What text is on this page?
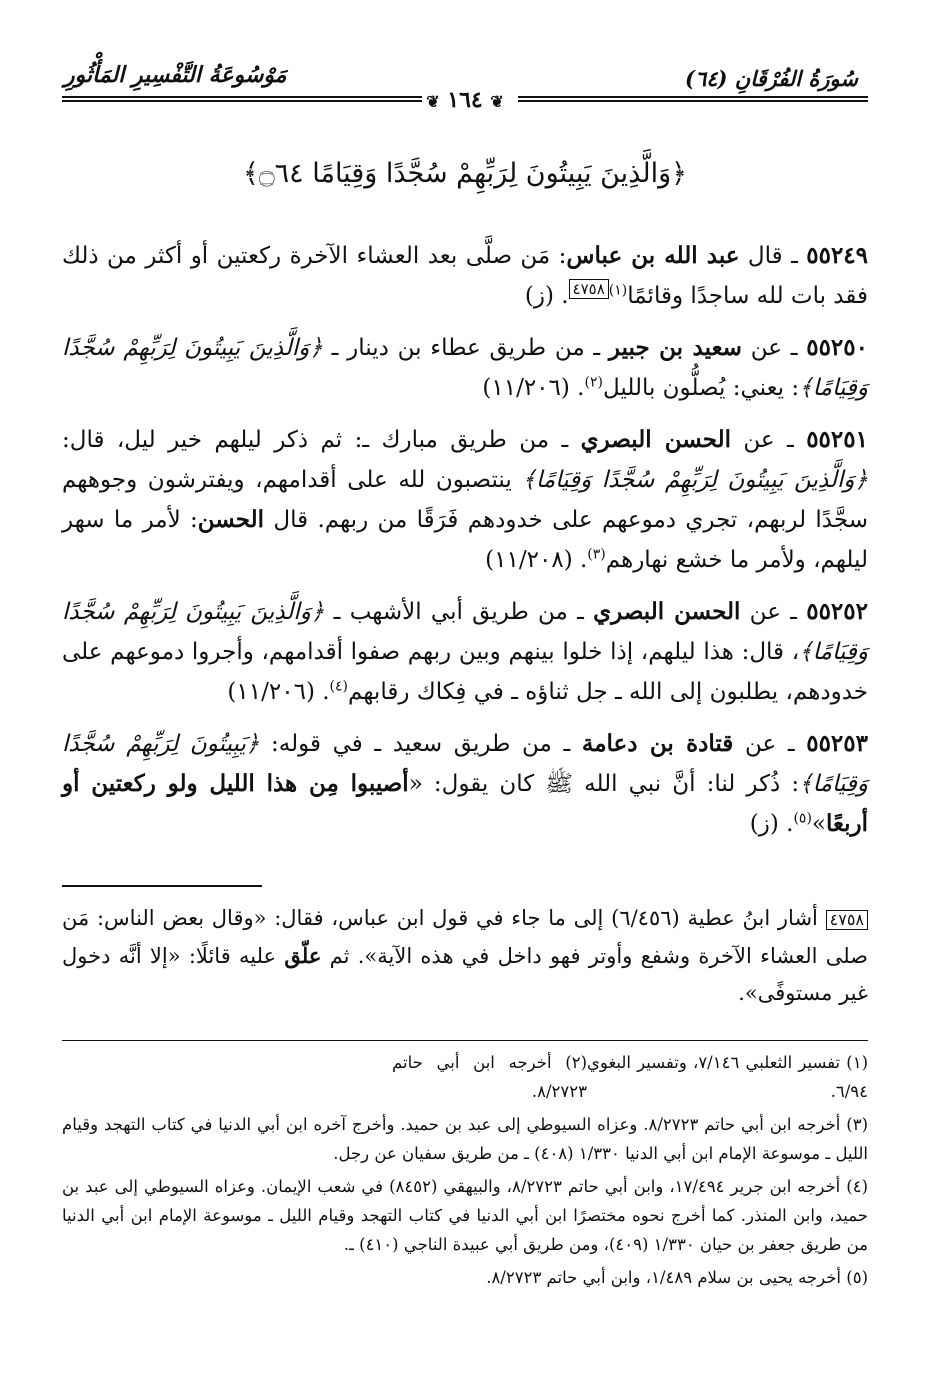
سُورَةُ الفُرْقَانِ (٦٤)
مَوْسُوعَةُ التَّفْسِيرِ المَأْثُورِ
❦ ١٦٤ ❦
﴿وَالَّذِينَ يَبِيتُونَ لِرَبِّهِمْ سُجَّدًا وَقِيَامًا ۝٦٤﴾

٥٥٢٤٩ ـ قال عبد الله بن عباس: مَن صلَّى بعد العشاء الآخرة ركعتين أو أكثر من ذلك فقد بات لله ساجدًا وقائمًا$^{(١)}$٤٧٥٨. (ز)

٥٥٢٥٠ ـ عن سعيد بن جبير ـ من طريق عطاء بن دينار ـ ﴿وَالَّذِينَ يَبِيتُونَ لِرَبِّهِمْ سُجَّدًا وَقِيَامًا﴾: يعني: يُصلُّون بالليل$^{(٢)}$. (١١/٢٠٦)

٥٥٢٥١ ـ عن الحسن البصري ـ من طريق مبارك ـ: ثم ذكر ليلهم خير ليل، قال: ﴿وَالَّذِينَ يَبِيتُونَ لِرَبِّهِمْ سُجَّدًا وَقِيَامًا﴾ ينتصبون لله على أقدامهم، ويفترشون وجوههم سجَّدًا لربهم، تجري دموعهم على خدودهم فَرَقًا من ربهم. قال الحسن: لأمر ما سهر ليلهم، ولأمر ما خشع نهارهم$^{(٣)}$. (١١/٢٠٨)

٥٥٢٥٢ ـ عن الحسن البصري ـ من طريق أبي الأشهب ـ ﴿وَالَّذِينَ يَبِيتُونَ لِرَبِّهِمْ سُجَّدًا وَقِيَامًا﴾، قال: هذا ليلهم، إذا خلوا بينهم وبين ربهم صفوا أقدامهم، وأجروا دموعهم على خدودهم، يطلبون إلى الله ـ جل ثناؤه ـ في فِكاك رقابهم$^{(٤)}$. (١١/٢٠٦)

٥٥٢٥٣ ـ عن قتادة بن دعامة ـ من طريق سعيد ـ في قوله: ﴿يَبِيتُونَ لِرَبِّهِمْ سُجَّدًا وَقِيَامًا﴾: ذُكر لنا: أنَّ نبي الله ﷺ كان يقول: «أصيبوا مِن هذا الليل ولو ركعتين أو أربعًا»$^{(٥)}$. (ز)

٤٧٥٨ أشار ابنُ عطية (٦/٤٥٦) إلى ما جاء في قول ابن عباس، فقال: «وقال بعض الناس: مَن صلى العشاء الآخرة وشفع وأوتر فهو داخل في هذه الآية». ثم علّق عليه قائلًا: «إلا أنَّه دخول غير مستوفًى».
(١) تفسير الثعلبي ٧/١٤٦، وتفسير البغوي ٦/٩٤.
(٢) أخرجه ابن أبي حاتم ٨/٢٧٢٣.
(٣) أخرجه ابن أبي حاتم ٨/٢٧٢٣. وعزاه السيوطي إلى عبد بن حميد. وأخرج آخره ابن أبي الدنيا في كتاب التهجد وقيام الليل ـ موسوعة الإمام ابن أبي الدنيا ١/٣٣٠ (٤٠٨) ـ من طريق سفيان عن رجل.
(٤) أخرجه ابن جرير ١٧/٤٩٤، وابن أبي حاتم ٨/٢٧٢٣، والبيهقي (٨٤٥٢) في شعب الإيمان. وعزاه السيوطي إلى عبد بن حميد، وابن المنذر. كما أخرج نحوه مختصرًا ابن أبي الدنيا في كتاب التهجد وقيام الليل ـ موسوعة الإمام ابن أبي الدنيا من طريق جعفر بن حيان ١/٣٣٠ (٤٠٩)، ومن طريق أبي عبيدة الناجي (٤١٠) ـ.
(٥) أخرجه يحيى بن سلام ١/٤٨٩، وابن أبي حاتم ٨/٢٧٢٣.
